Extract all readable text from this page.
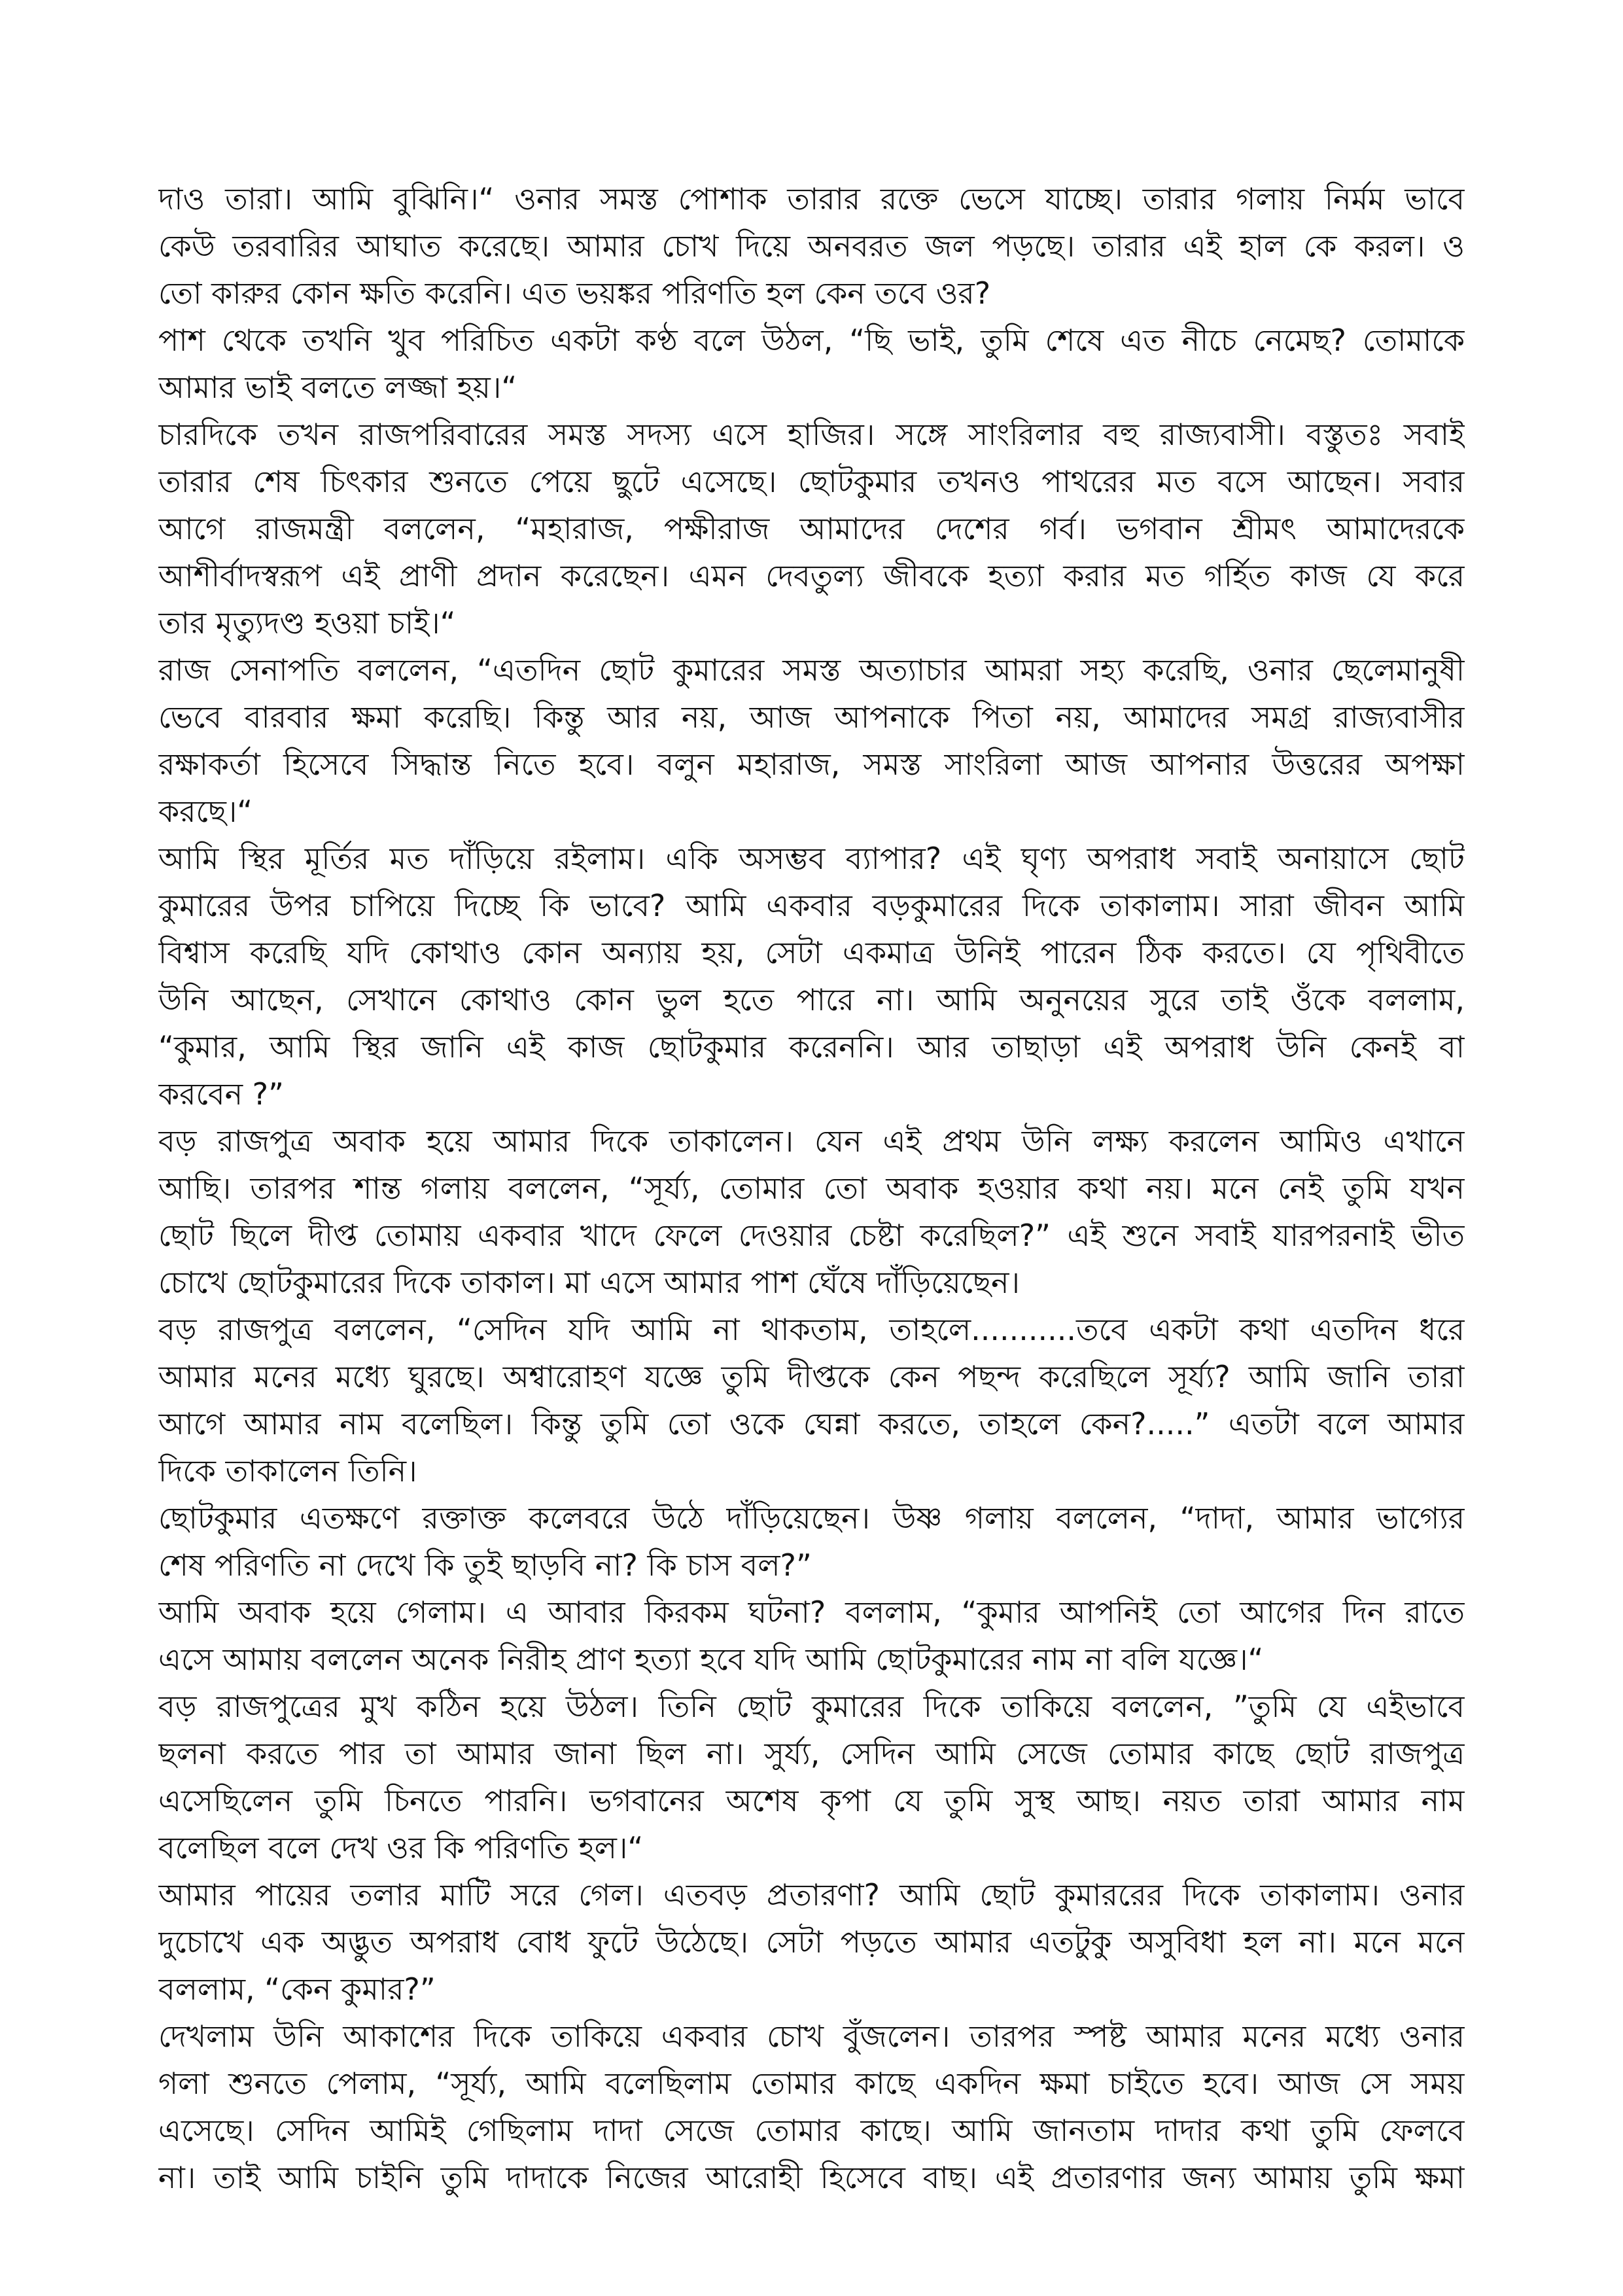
দাও তারা। আমি বুঝিনি।“ ওনার সমস্ত পোশাক তারার রক্তে ভেসে যাচ্ছে। তারার গলায় নির্মম ভাবে
কেউ তরবারির আঘাত করেছে। আমার চোখ দিয়ে অনবরত জল পড়ছে। তারার এই হাল কে করল। ও
তো কারুর কোন ক্ষতি করেনি। এত ভয়ঙ্কর পরিণতি হল কেন তবে ওর?
পাশ থেকে তখনি খুব পরিচিত একটা কণ্ঠ বলে উঠল, “ছি ভাই, তুমি শেষে এত নীচে নেমেছ? তোমাকে
আমার ভাই বলতে লজ্জা হয়।“
চারদিকে তখন রাজপরিবারের সমস্ত সদস্য এসে হাজির। সঙ্গে সাংরিলার বহু রাজ্যবাসী। বস্তুতঃ সবাই
তারার শেষ চিৎকার শুনতে পেয়ে ছুটে এসেছে। ছোটকুমার তখনও পাথরের মত বসে আছেন। সবার
আগে রাজমন্ত্রী বললেন, “মহারাজ, পক্ষীরাজ আমাদের দেশের গর্ব। ভগবান শ্রীমৎ আমাদেরকে
আশীর্বাদস্বরূপ এই প্রাণী প্রদান করেছেন। এমন দেবতুল্য জীবকে হত্যা করার মত গর্হিত কাজ যে করে
তার মৃত্যুদণ্ড হওয়া চাই।“
রাজ সেনাপতি বললেন, “এতদিন ছোট কুমারের সমস্ত অত্যাচার আমরা সহ্য করেছি, ওনার ছেলেমানুষী
ভেবে বারবার ক্ষমা করেছি। কিন্তু আর নয়, আজ আপনাকে পিতা নয়, আমাদের সমগ্র রাজ্যবাসীর
রক্ষাকর্তা হিসেবে সিদ্ধান্ত নিতে হবে। বলুন মহারাজ, সমস্ত সাংরিলা আজ আপনার উত্তরের অপক্ষা
করছে।“
আমি স্থির মূর্তির মত দাঁড়িয়ে রইলাম। একি অসম্ভব ব্যাপার? এই ঘৃণ্য অপরাধ সবাই অনায়াসে ছোট
কুমারের উপর চাপিয়ে দিচ্ছে কি ভাবে? আমি একবার বড়কুমারের দিকে তাকালাম। সারা জীবন আমি
বিশ্বাস করেছি যদি কোথাও কোন অন্যায় হয়, সেটা একমাত্র উনিই পারেন ঠিক করতে। যে পৃথিবীতে
উনি আছেন, সেখানে কোথাও কোন ভুল হতে পারে না। আমি অনুনয়ের সুরে তাই ওঁকে বললাম,
“কুমার, আমি স্থির জানি এই কাজ ছোটকুমার করেননি। আর তাছাড়া এই অপরাধ উনি কেনই বা
করবেন ?”
বড় রাজপুত্র অবাক হয়ে আমার দিকে তাকালেন। যেন এই প্রথম উনি লক্ষ্য করলেন আমিও এখানে
আছি। তারপর শান্ত গলায় বললেন, “সূর্য্য, তোমার তো অবাক হওয়ার কথা নয়। মনে নেই তুমি যখন
ছোট ছিলে দীপ্ত তোমায় একবার খাদে ফেলে দেওয়ার চেষ্টা করেছিল?” এই শুনে সবাই যারপরনাই ভীত
চোখে ছোটকুমারের দিকে তাকাল। মা এসে আমার পাশ ঘেঁষে দাঁড়িয়েছেন।
বড় রাজপুত্র বললেন, “সেদিন যদি আমি না থাকতাম, তাহলে...........তবে একটা কথা এতদিন ধরে
আমার মনের মধ্যে ঘুরছে। অশ্বারোহণ যজ্ঞে তুমি দীপ্তকে কেন পছন্দ করেছিলে সূর্য্য? আমি জানি তারা
আগে আমার নাম বলেছিল। কিন্তু তুমি তো ওকে ঘেন্না করতে, তাহলে কেন?.....” এতটা বলে আমার
দিকে তাকালেন তিনি।
ছোটকুমার এতক্ষণে রক্তাক্ত কলেবরে উঠে দাঁড়িয়েছেন। উষ্ণ গলায় বললেন, “দাদা, আমার ভাগ্যের
শেষ পরিণতি না দেখে কি তুই ছাড়বি না? কি চাস বল?”
আমি অবাক হয়ে গেলাম। এ আবার কিরকম ঘটনা? বললাম, “কুমার আপনিই তো আগের দিন রাতে
এসে আমায় বললেন অনেক নিরীহ প্রাণ হত্যা হবে যদি আমি ছোটকুমারের নাম না বলি যজ্ঞে।“
বড় রাজপুত্রের মুখ কঠিন হয়ে উঠল। তিনি ছোট কুমারের দিকে তাকিয়ে বললেন, ”তুমি যে এইভাবে
ছলনা করতে পার তা আমার জানা ছিল না। সুর্য্য, সেদিন আমি সেজে তোমার কাছে ছোট রাজপুত্র
এসেছিলেন তুমি চিনতে পারনি। ভগবানের অশেষ কৃপা যে তুমি সুস্থ আছ। নয়ত তারা আমার নাম
বলেছিল বলে দেখ ওর কি পরিণতি হল।“
আমার পায়ের তলার মাটি সরে গেল। এতবড় প্রতারণা? আমি ছোট কুমাররের দিকে তাকালাম। ওনার
দুচোখে এক অদ্ভুত অপরাধ বোধ ফুটে উঠেছে। সেটা পড়তে আমার এতটুকু অসুবিধা হল না। মনে মনে
বললাম, “কেন কুমার?”
দেখলাম উনি আকাশের দিকে তাকিয়ে একবার চোখ বুঁজলেন। তারপর স্পষ্ট আমার মনের মধ্যে ওনার
গলা শুনতে পেলাম, “সূর্য্য, আমি বলেছিলাম তোমার কাছে একদিন ক্ষমা চাইতে হবে। আজ সে সময়
এসেছে। সেদিন আমিই গেছিলাম দাদা সেজে তোমার কাছে। আমি জানতাম দাদার কথা তুমি ফেলবে
না। তাই আমি চাইনি তুমি দাদাকে নিজের আরোহী হিসেবে বাছ। এই প্রতারণার জন্য আমায় তুমি ক্ষমা
